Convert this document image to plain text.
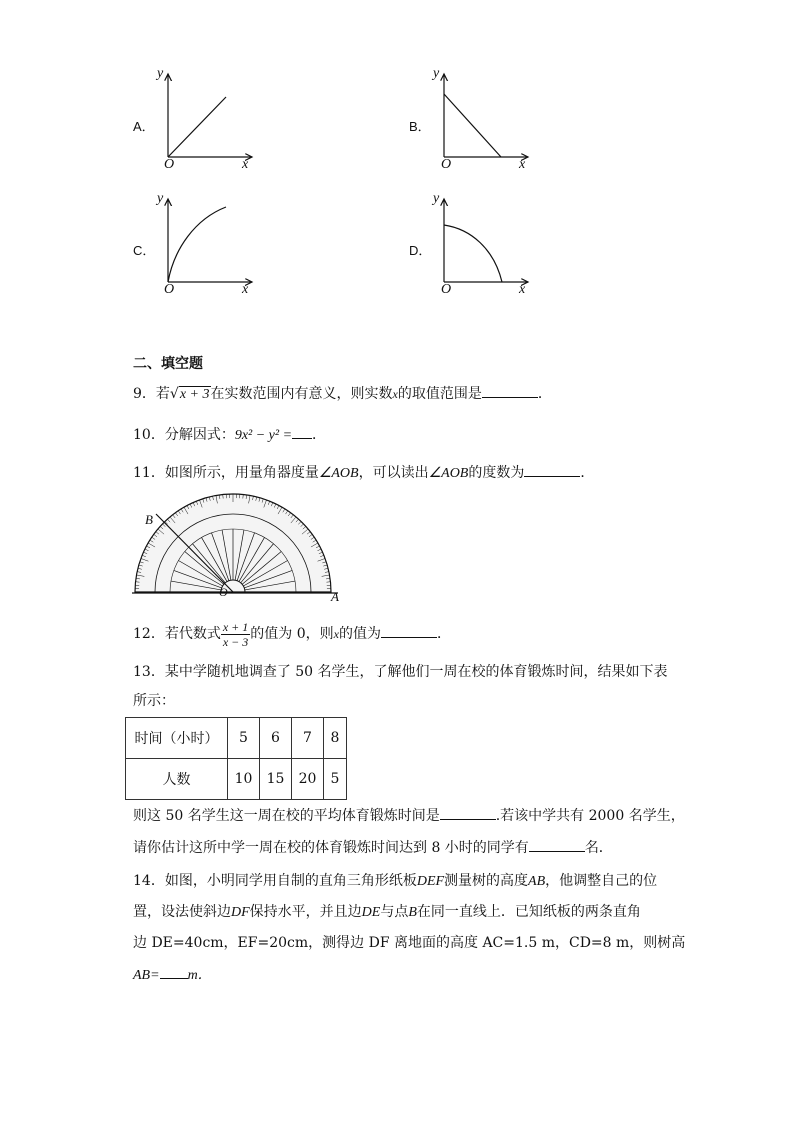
A．
y
O	x
B．
y
O	x
C．
y
O	x
D．
y
O	x
二、填空题
9．若√x + 3在实数范围内有意义，则实数x的取值范围是	．
10．分解因式：9x² − y² = ．
11．如图所示，用量角器度量∠AOB，可以读出∠AOB的度数为	．
B
O	A
12．若代数式 $\frac{x + 1}{x - 3}$ 的值为 0，则x的值为	．
13．某中学随机地调查了 50 名学生，了解他们一周在校的体育锻炼时间，结果如下表
所示：
时间（小时）	5	6	7	8
人数	10	15	20	5
则这 50 名学生这一周在校的平均体育锻炼时间是	.若该中学共有 2000 名学生，
请你估计这所中学一周在校的体育锻炼时间达到 8 小时的同学有	名．
14．如图，小明同学用自制的直角三角形纸板DEF测量树的高度AB，他调整自己的位
置，设法使斜边DF保持水平，并且边DE与点B在同一直线上．已知纸板的两条直角
边 DE=40cm，EF=20cm，测得边 DF 离地面的高度 AC=1.5 m，CD=8 m，则树高
AB= m．
